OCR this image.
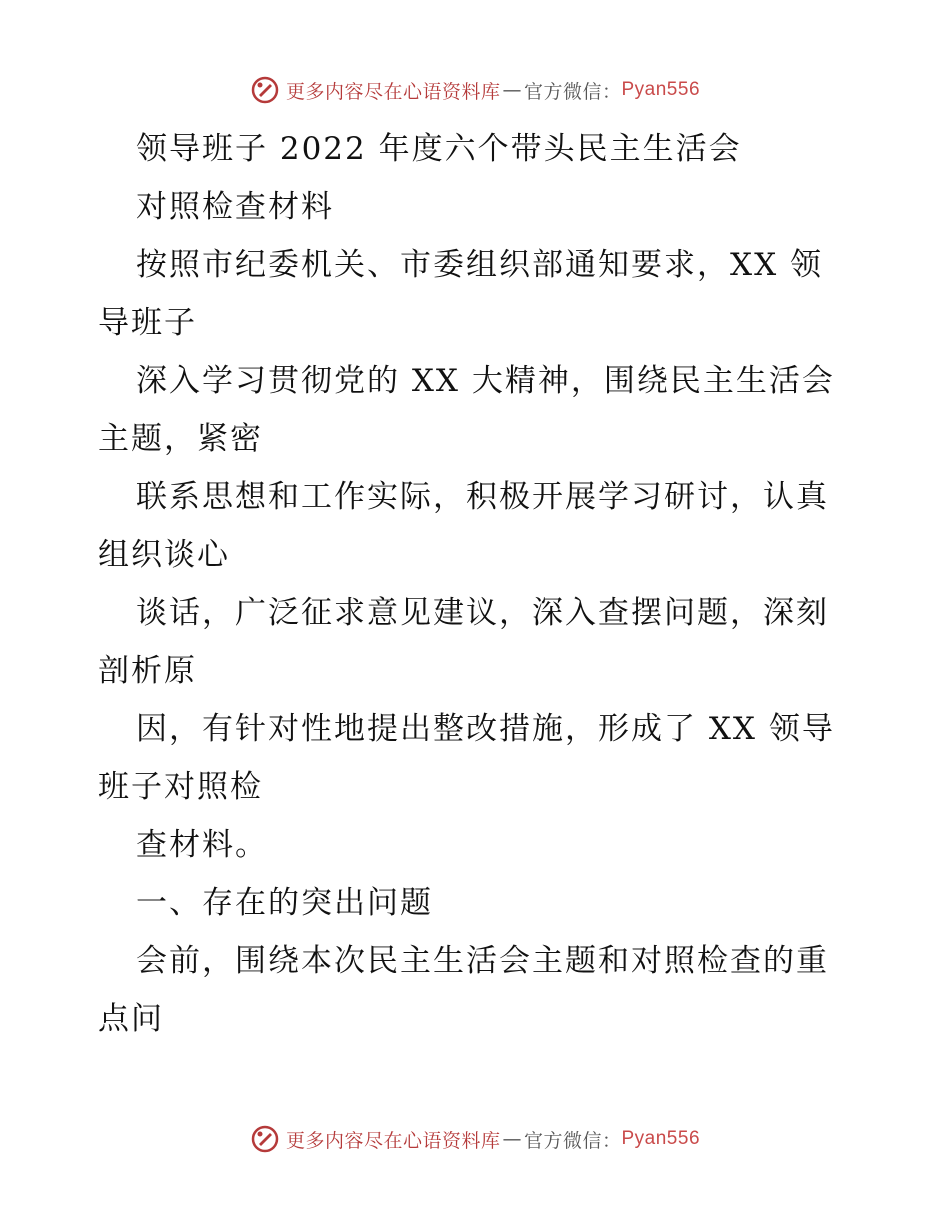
更多内容尽在心语资料库 — 官方微信： Pyan556
领导班子 2022 年度六个带头民主生活会
对照检查材料
按照市纪委机关、市委组织部通知要求，XX 领
导班子
深入学习贯彻党的 XX 大精神，围绕民主生活会
主题，紧密
联系思想和工作实际，积极开展学习研讨，认真
组织谈心
谈话，广泛征求意见建议，深入查摆问题，深刻
剖析原
因，有针对性地提出整改措施，形成了 XX 领导
班子对照检
查材料。
一、存在的突出问题
会前，围绕本次民主生活会主题和对照检查的重
点问
更多内容尽在心语资料库 — 官方微信： Pyan556
